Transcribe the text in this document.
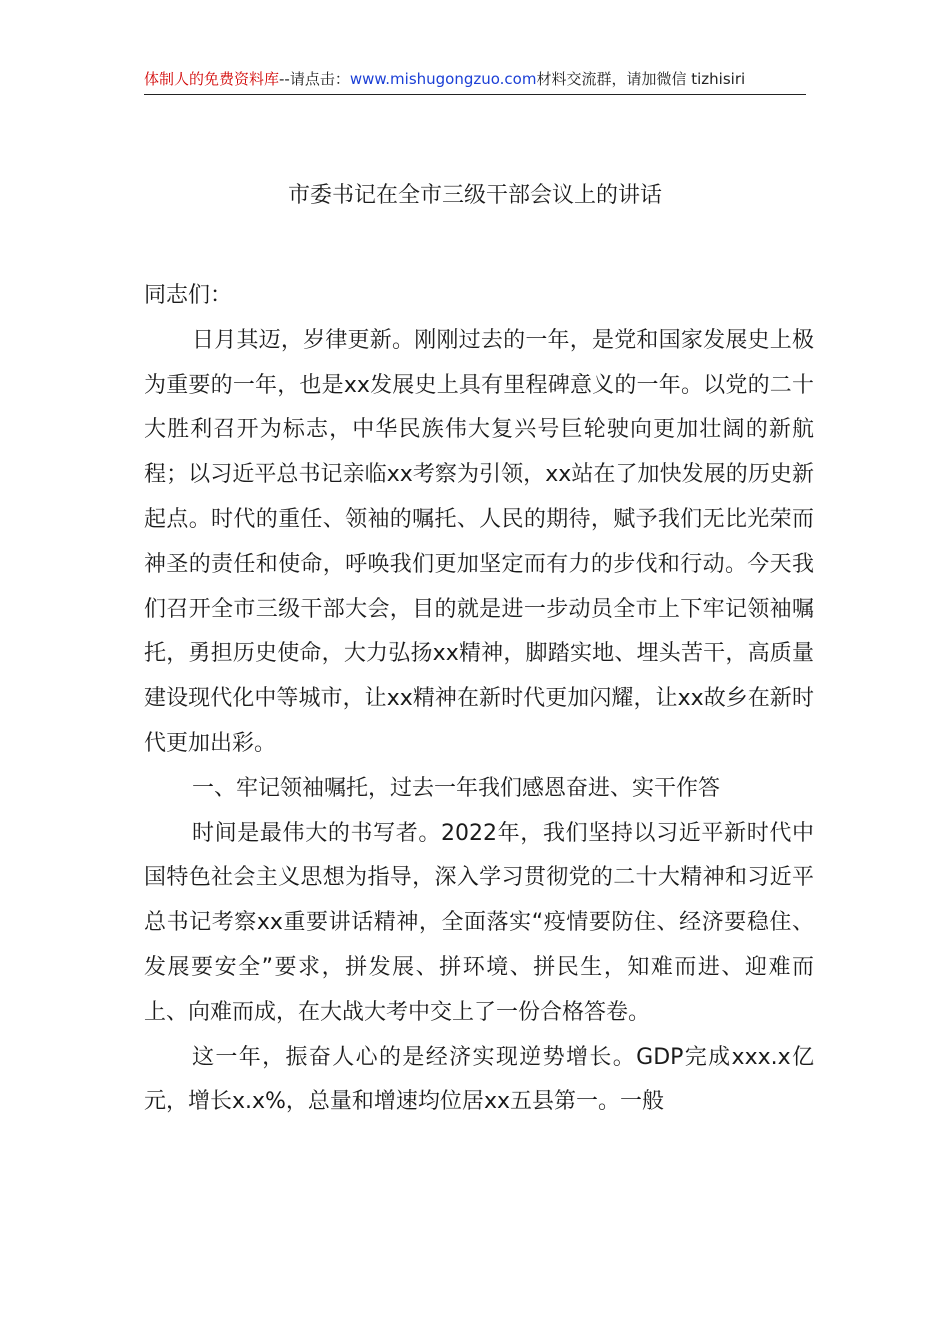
体制人的免费资料库--请点击：www.mishugongzuo.com材料交流群，请加微信 tizhisiri
市委书记在全市三级干部会议上的讲话

同志们：

日月其迈，岁律更新。刚刚过去的一年，是党和国家发展史上极为重要的一年，也是xx发展史上具有里程碑意义的一年。以党的二十大胜利召开为标志，中华民族伟大复兴号巨轮驶向更加壮阔的新航程；以习近平总书记亲临xx考察为引领，xx站在了加快发展的历史新起点。时代的重任、领袖的嘱托、人民的期待，赋予我们无比光荣而神圣的责任和使命，呼唤我们更加坚定而有力的步伐和行动。今天我们召开全市三级干部大会，目的就是进一步动员全市上下牢记领袖嘱托，勇担历史使命，大力弘扬xx精神，脚踏实地、埋头苦干，高质量建设现代化中等城市，让xx精神在新时代更加闪耀，让xx故乡在新时代更加出彩。

一、牢记领袖嘱托，过去一年我们感恩奋进、实干作答

时间是最伟大的书写者。2022年，我们坚持以习近平新时代中国特色社会主义思想为指导，深入学习贯彻党的二十大精神和习近平总书记考察xx重要讲话精神，全面落实“疫情要防住、经济要稳住、发展要安全”要求，拼发展、拼环境、拼民生，知难而进、迎难而上、向难而成，在大战大考中交上了一份合格答卷。

这一年，振奋人心的是经济实现逆势增长。GDP完成xxx.x亿元，增长x.x%，总量和增速均位居xx五县第一。一般
